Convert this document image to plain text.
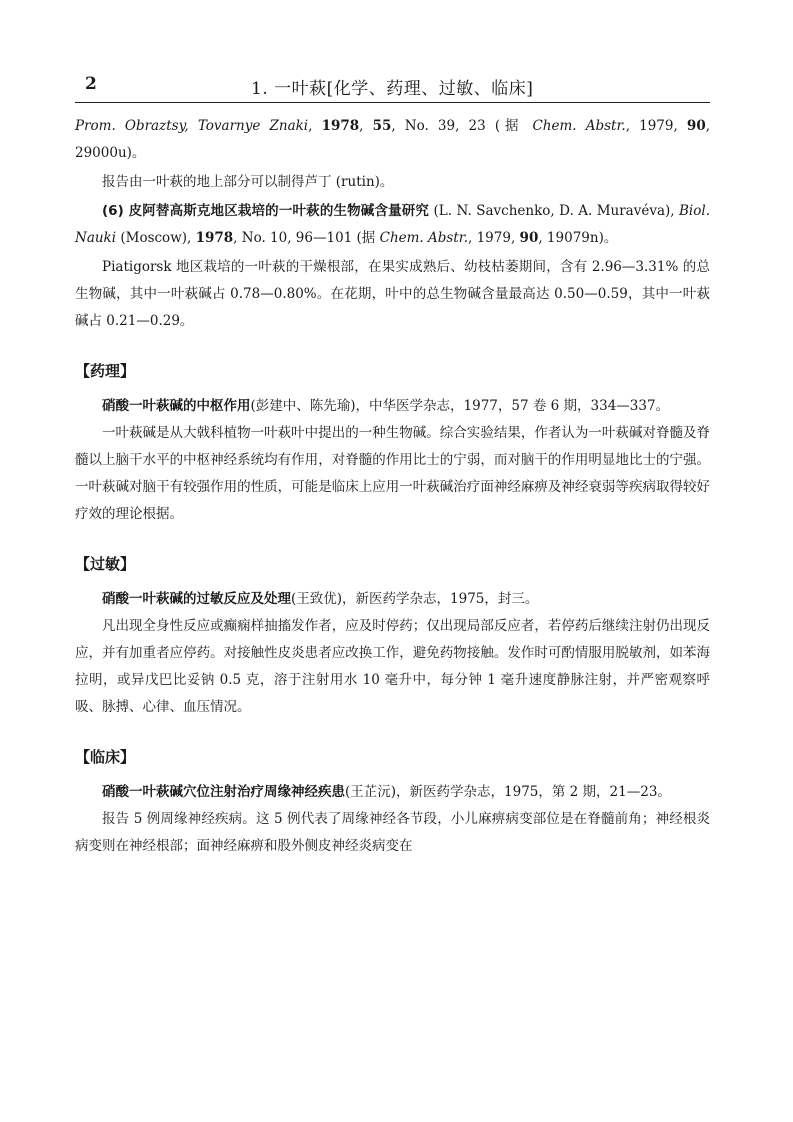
2	1. 一叶萩[化学、药理、过敏、临床]

Prom. Obraztsy, Tovarnye Znaki, 1978, 55, No. 39, 23 (据 Chem. Abstr., 1979, 90, 29000u)。

报告由一叶萩的地上部分可以制得芦丁 (rutin)。

(6) 皮阿替高斯克地区栽培的一叶萩的生物碱含量研究 (L. N. Savchenko, D. A. Muravéva), Biol. Nauki (Moscow), 1978, No. 10, 96—101 (据 Chem. Abstr., 1979, 90, 19079n)。

Piatigorsk 地区栽培的一叶萩的干燥根部，在果实成熟后、幼枝枯萎期间，含有 2.96—3.31% 的总生物碱，其中一叶萩碱占 0.78—0.80%。在花期，叶中的总生物碱含量最高达 0.50—0.59，其中一叶萩碱占 0.21—0.29。

【药理】

硝酸一叶萩碱的中枢作用(彭建中、陈先瑜)，中华医学杂志，1977，57 卷 6 期，334—337。

一叶萩碱是从大戟科植物一叶萩叶中提出的一种生物碱。综合实验结果，作者认为一叶萩碱对脊髓及脊髓以上脑干水平的中枢神经系统均有作用，对脊髓的作用比士的宁弱，而对脑干的作用明显地比士的宁强。一叶萩碱对脑干有较强作用的性质，可能是临床上应用一叶萩碱治疗面神经麻痹及神经衰弱等疾病取得较好疗效的理论根据。

【过敏】

硝酸一叶萩碱的过敏反应及处理(王致优)，新医药学杂志，1975，封三。

凡出现全身性反应或癫痫样抽搐发作者，应及时停药；仅出现局部反应者，若停药后继续注射仍出现反应，并有加重者应停药。对接触性皮炎患者应改换工作，避免药物接触。发作时可酌情服用脱敏剂，如苯海拉明，或异戊巴比妥钠 0.5 克，溶于注射用水 10 毫升中，每分钟 1 毫升速度静脉注射，并严密观察呼吸、脉搏、心律、血压情况。

【临床】

硝酸一叶萩碱穴位注射治疗周缘神经疾患(王芷沅)，新医药学杂志，1975，第 2 期，21—23。

报告 5 例周缘神经疾病。这 5 例代表了周缘神经各节段，小儿麻痹病变部位是在脊髓前角；神经根炎病变则在神经根部；面神经麻痹和股外侧皮神经炎病变在
